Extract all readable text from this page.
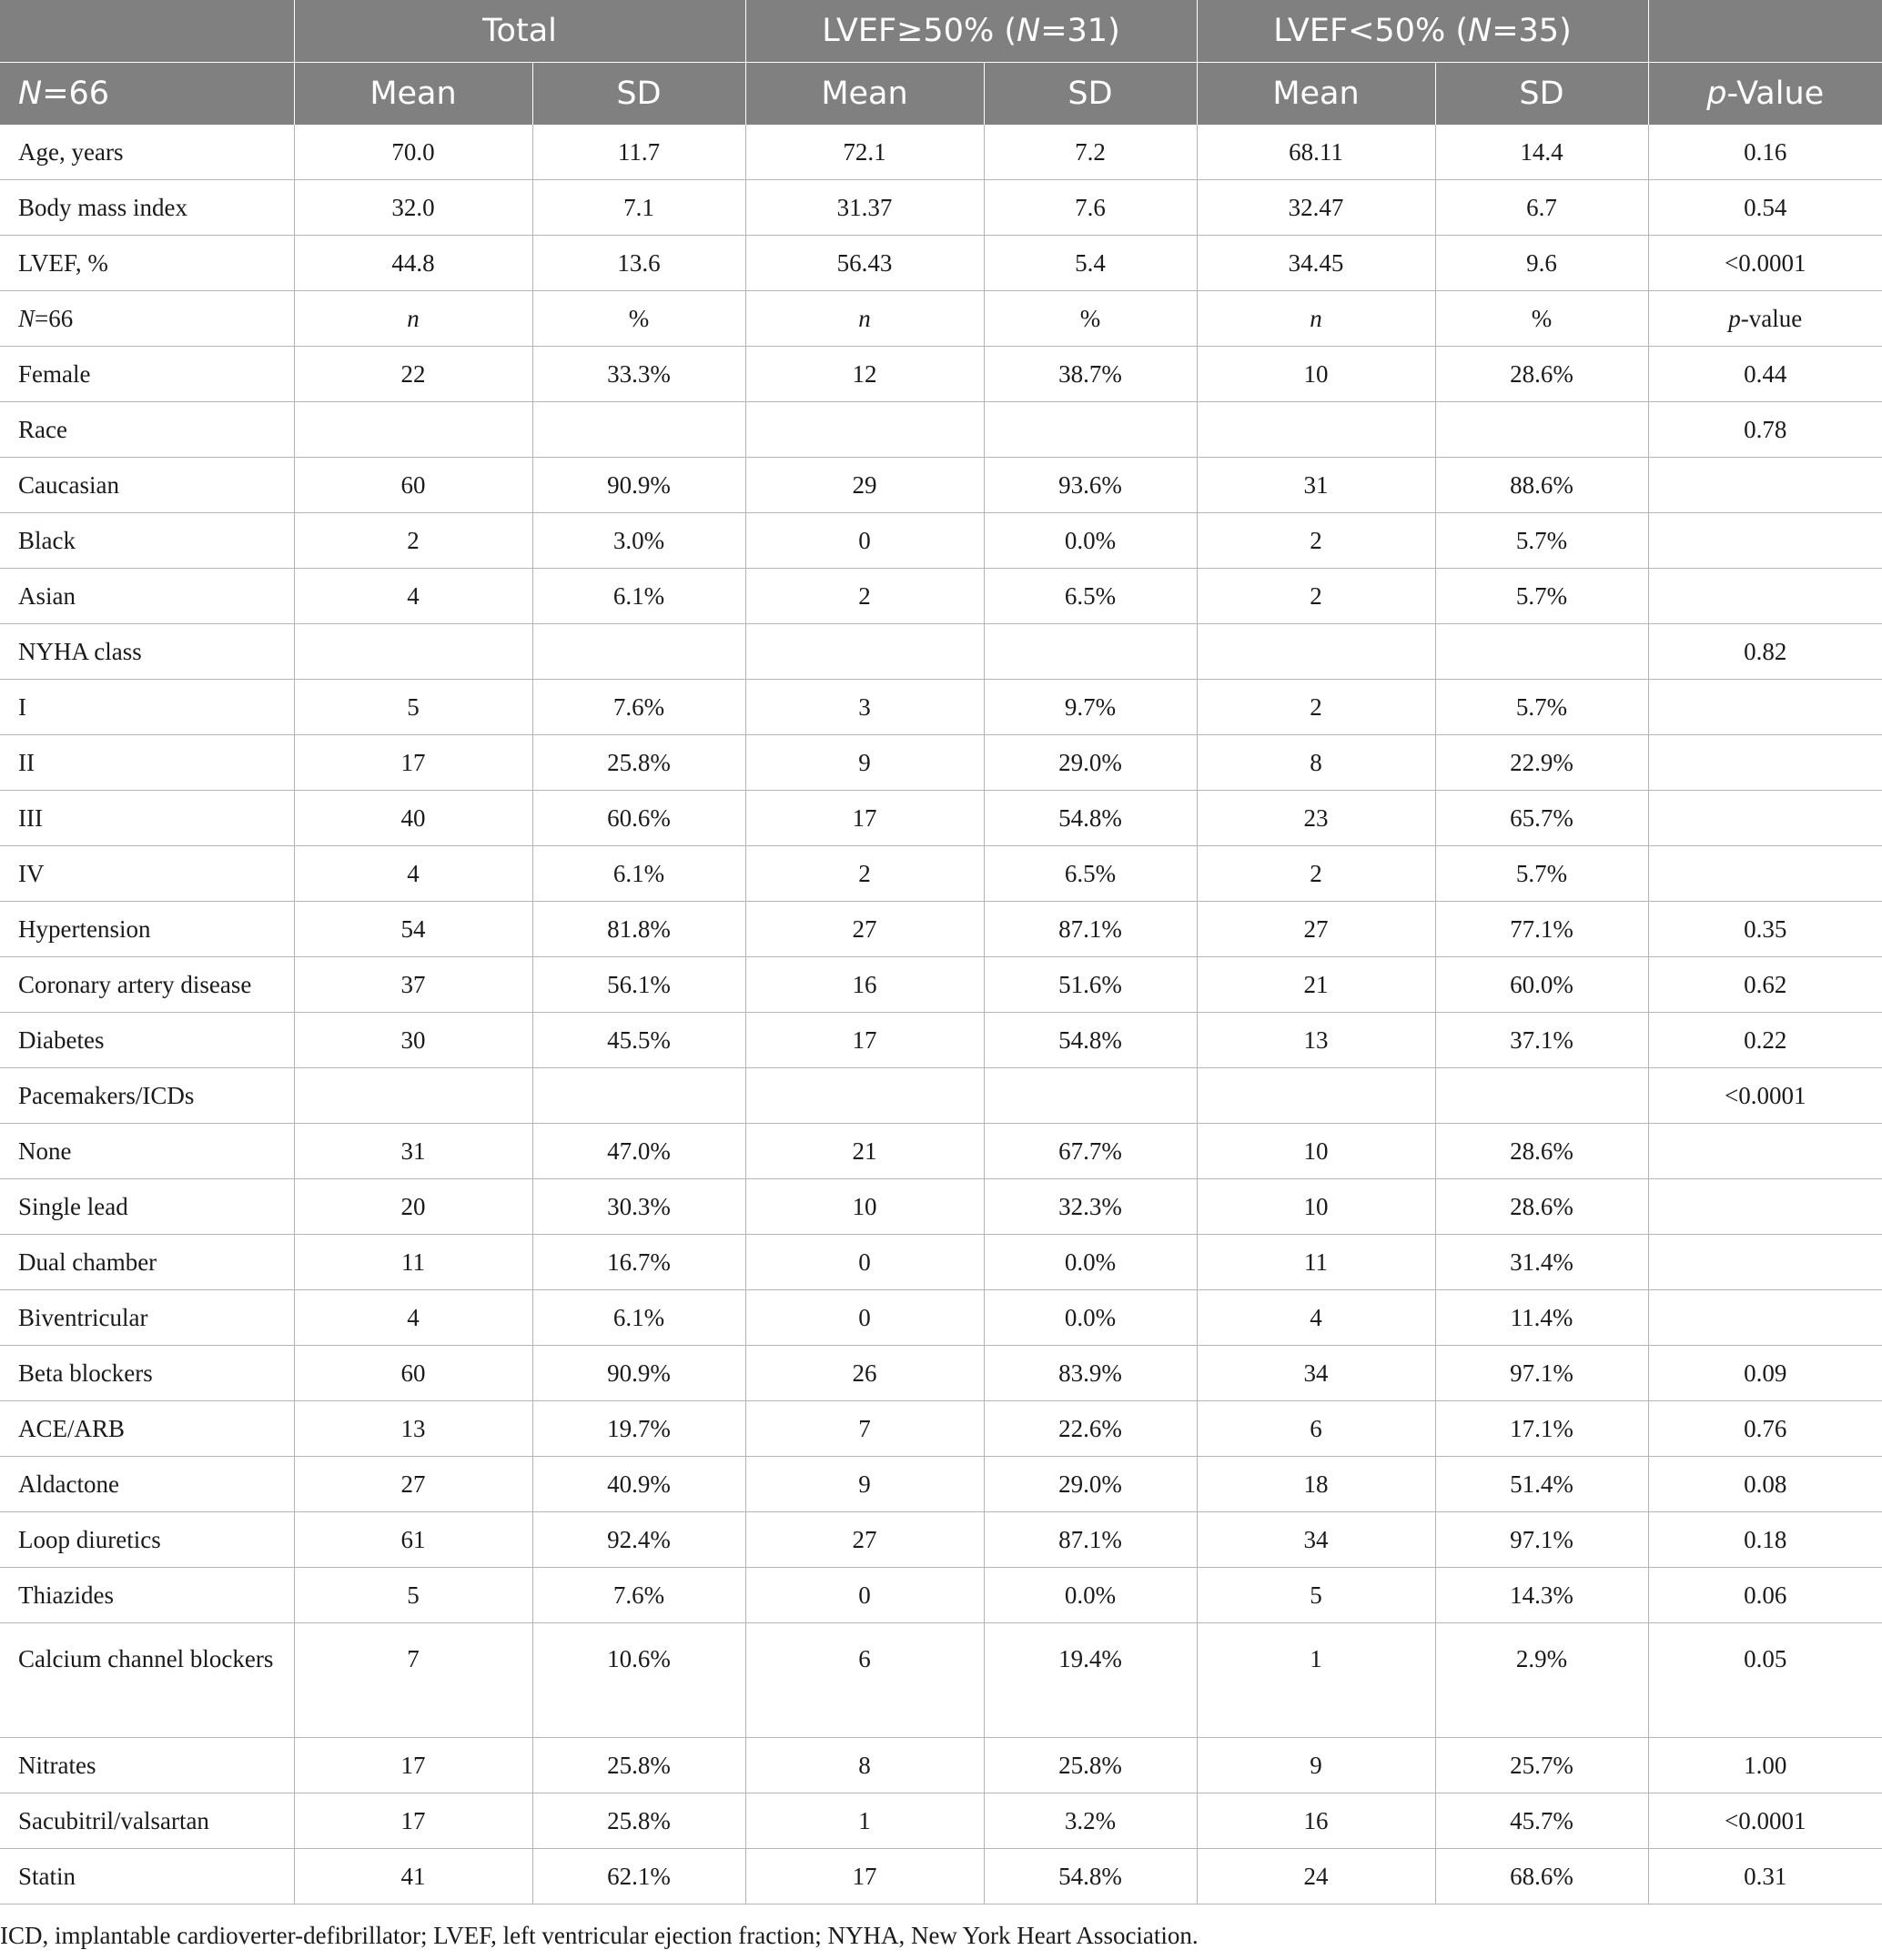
	Total		LVEF≥50% (N=31)		LVEF<50% (N=35)		
N=66	Mean	SD	Mean	SD	Mean	SD	p-Value
Age, years	70.0	11.7	72.1	7.2	68.11	14.4	0.16
Body mass index	32.0	7.1	31.37	7.6	32.47	6.7	0.54
LVEF, %	44.8	13.6	56.43	5.4	34.45	9.6	<0.0001
N=66	n	%	n	%	n	%	p-value
Female	22	33.3%	12	38.7%	10	28.6%	0.44
Race							0.78
Caucasian	60	90.9%	29	93.6%	31	88.6%	
Black	2	3.0%	0	0.0%	2	5.7%	
Asian	4	6.1%	2	6.5%	2	5.7%	
NYHA class							0.82
I	5	7.6%	3	9.7%	2	5.7%	
II	17	25.8%	9	29.0%	8	22.9%	
III	40	60.6%	17	54.8%	23	65.7%	
IV	4	6.1%	2	6.5%	2	5.7%	
Hypertension	54	81.8%	27	87.1%	27	77.1%	0.35
Coronary artery disease	37	56.1%	16	51.6%	21	60.0%	0.62
Diabetes	30	45.5%	17	54.8%	13	37.1%	0.22
Pacemakers/ICDs							<0.0001
None	31	47.0%	21	67.7%	10	28.6%	
Single lead	20	30.3%	10	32.3%	10	28.6%	
Dual chamber	11	16.7%	0	0.0%	11	31.4%	
Biventricular	4	6.1%	0	0.0%	4	11.4%	
Beta blockers	60	90.9%	26	83.9%	34	97.1%	0.09
ACE/ARB	13	19.7%	7	22.6%	6	17.1%	0.76
Aldactone	27	40.9%	9	29.0%	18	51.4%	0.08
Loop diuretics	61	92.4%	27	87.1%	34	97.1%	0.18
Thiazides	5	7.6%	0	0.0%	5	14.3%	0.06
Calcium channel blockers	7	10.6%	6	19.4%	1	2.9%	0.05
Nitrates	17	25.8%	8	25.8%	9	25.7%	1.00
Sacubitril/valsartan	17	25.8%	1	3.2%	16	45.7%	<0.0001
Statin	41	62.1%	17	54.8%	24	68.6%	0.31
ICD, implantable cardioverter-defibrillator; LVEF, left ventricular ejection fraction; NYHA, New York Heart Association.
